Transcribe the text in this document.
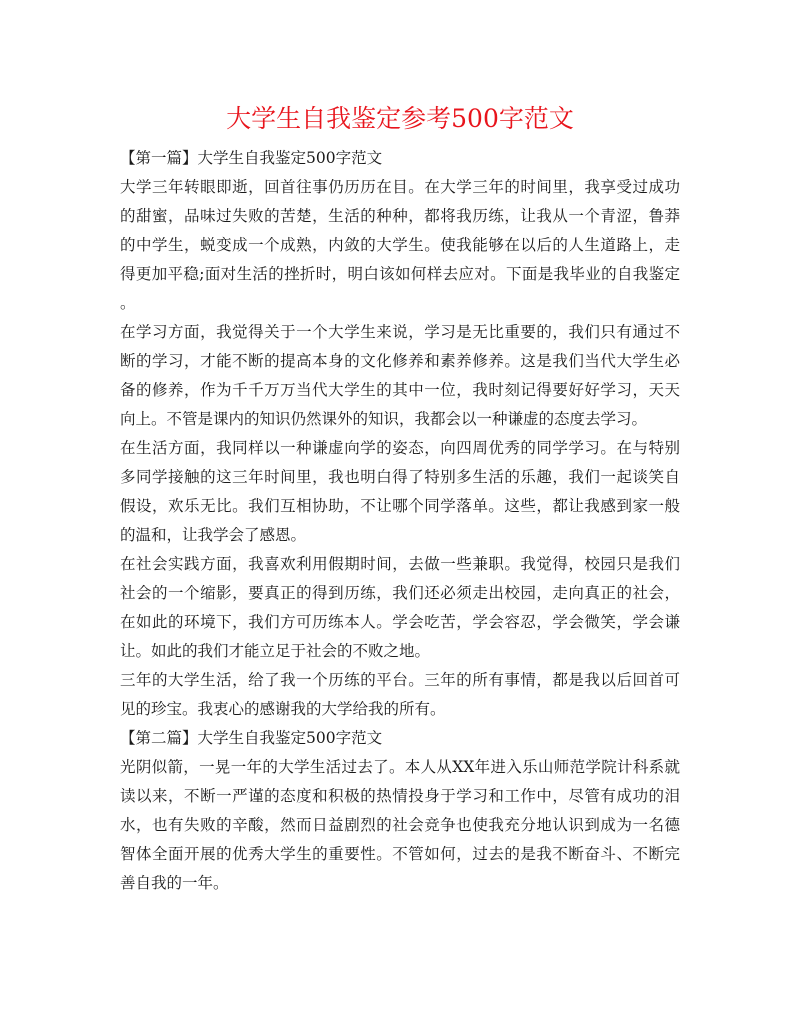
大学生自我鉴定参考500字范文
【第一篇】大学生自我鉴定500字范文
大学三年转眼即逝，回首往事仍历历在目。在大学三年的时间里，我享受过成功
的甜蜜，品味过失败的苦楚，生活的种种，都将我历练，让我从一个青涩，鲁莽
的中学生，蜕变成一个成熟，内敛的大学生。使我能够在以后的人生道路上，走
得更加平稳;面对生活的挫折时，明白该如何样去应对。下面是我毕业的自我鉴定
。
在学习方面，我觉得关于一个大学生来说，学习是无比重要的，我们只有通过不
断的学习，才能不断的提高本身的文化修养和素养修养。这是我们当代大学生必
备的修养，作为千千万万当代大学生的其中一位，我时刻记得要好好学习，天天
向上。不管是课内的知识仍然课外的知识，我都会以一种谦虚的态度去学习。
在生活方面，我同样以一种谦虚向学的姿态，向四周优秀的同学学习。在与特别
多同学接触的这三年时间里，我也明白得了特别多生活的乐趣，我们一起谈笑自
假设，欢乐无比。我们互相协助，不让哪个同学落单。这些，都让我感到家一般
的温和，让我学会了感恩。
在社会实践方面，我喜欢利用假期时间，去做一些兼职。我觉得，校园只是我们
社会的一个缩影，要真正的得到历练，我们还必须走出校园，走向真正的社会，
在如此的环境下，我们方可历练本人。学会吃苦，学会容忍，学会微笑，学会谦
让。如此的我们才能立足于社会的不败之地。
三年的大学生活，给了我一个历练的平台。三年的所有事情，都是我以后回首可
见的珍宝。我衷心的感谢我的大学给我的所有。
【第二篇】大学生自我鉴定500字范文
光阴似箭，一晃一年的大学生活过去了。本人从XX年进入乐山师范学院计科系就
读以来，不断一严谨的态度和积极的热情投身于学习和工作中，尽管有成功的泪
水，也有失败的辛酸，然而日益剧烈的社会竞争也使我充分地认识到成为一名德
智体全面开展的优秀大学生的重要性。不管如何，过去的是我不断奋斗、不断完
善自我的一年。
